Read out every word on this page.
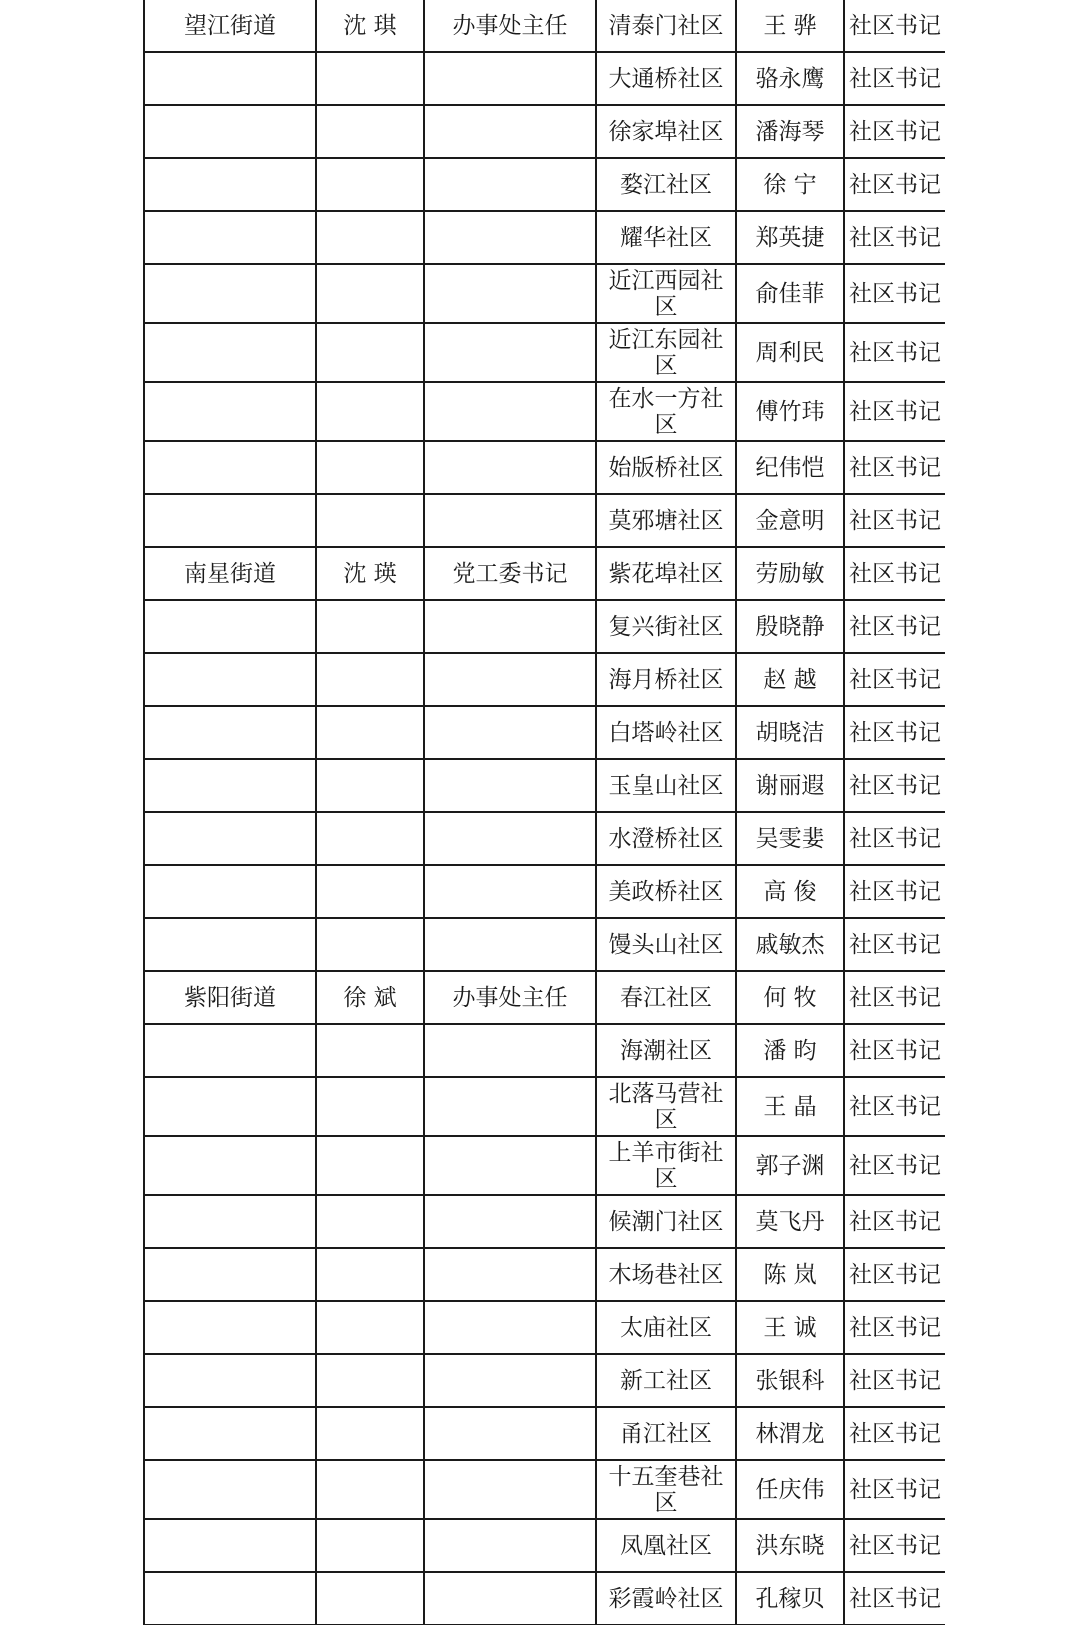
望江街道	沈 琪	办事处主任	清泰门社区	王 骅	社区书记
			大通桥社区	骆永鹰	社区书记
			徐家埠社区	潘海琴	社区书记
			婺江社区	徐 宁	社区书记
			耀华社区	郑英捷	社区书记
			近江西园社区	俞佳菲	社区书记
			近江东园社区	周利民	社区书记
			在水一方社区	傅竹玮	社区书记
			始版桥社区	纪伟恺	社区书记
			莫邪塘社区	金意明	社区书记
南星街道	沈 瑛	党工委书记	紫花埠社区	劳励敏	社区书记
			复兴街社区	殷晓静	社区书记
			海月桥社区	赵 越	社区书记
			白塔岭社区	胡晓洁	社区书记
			玉皇山社区	谢丽遐	社区书记
			水澄桥社区	吴雯婓	社区书记
			美政桥社区	高 俊	社区书记
			馒头山社区	戚敏杰	社区书记
紫阳街道	徐 斌	办事处主任	春江社区	何 牧	社区书记
			海潮社区	潘 昀	社区书记
			北落马营社区	王 晶	社区书记
			上羊市街社区	郭子渊	社区书记
			候潮门社区	莫飞丹	社区书记
			木场巷社区	陈 岚	社区书记
			太庙社区	王 诚	社区书记
			新工社区	张银科	社区书记
			甬江社区	林渭龙	社区书记
			十五奎巷社区	任庆伟	社区书记
			凤凰社区	洪东晓	社区书记
			彩霞岭社区	孔稼贝	社区书记
